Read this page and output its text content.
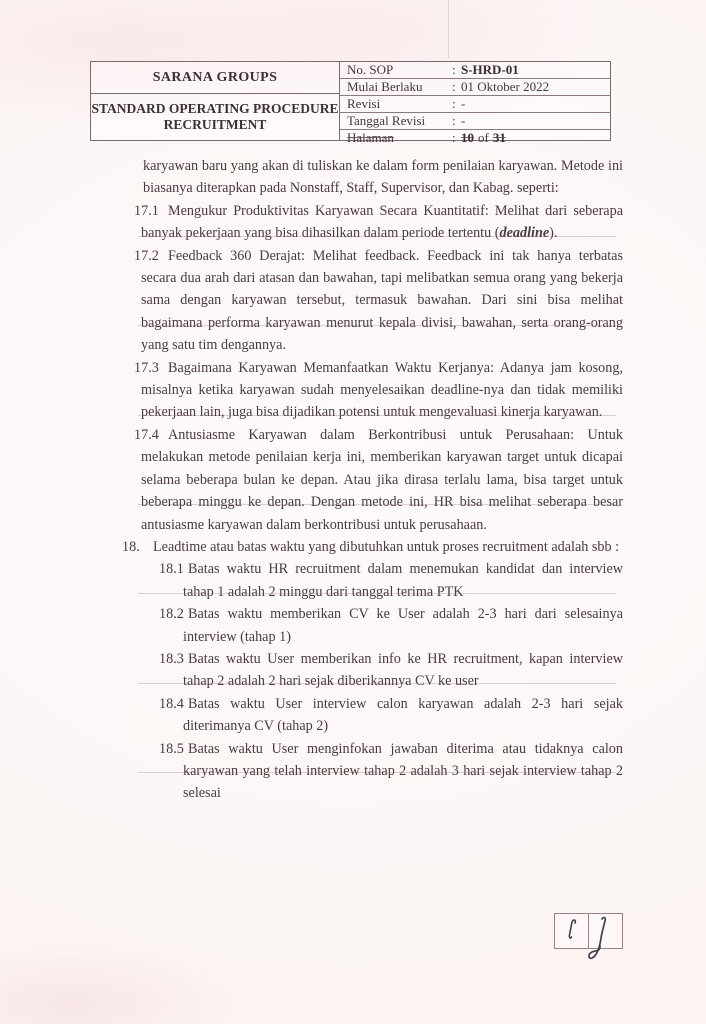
SARANA GROUPS
STANDARD OPERATING PROCEDURE
RECRUITMENT
No. SOP	: S-HRD-01
Mulai Berlaku	: 01 Oktober 2022
Revisi	: -
Tanggal Revisi	: -
Halaman	: 10 of 31

karyawan baru yang akan di tuliskan ke dalam form penilaian karyawan. Metode ini biasanya diterapkan pada Nonstaff, Staff, Supervisor, dan Kabag. seperti:

17.1 Mengukur Produktivitas Karyawan Secara Kuantitatif: Melihat dari seberapa banyak pekerjaan yang bisa dihasilkan dalam periode tertentu (deadline).

17.2 Feedback 360 Derajat: Melihat feedback. Feedback ini tak hanya terbatas secara dua arah dari atasan dan bawahan, tapi melibatkan semua orang yang bekerja sama dengan karyawan tersebut, termasuk bawahan. Dari sini bisa melihat bagaimana performa karyawan menurut kepala divisi, bawahan, serta orang-orang yang satu tim dengannya.

17.3 Bagaimana Karyawan Memanfaatkan Waktu Kerjanya: Adanya jam kosong, misalnya ketika karyawan sudah menyelesaikan deadline-nya dan tidak memiliki pekerjaan lain, juga bisa dijadikan potensi untuk mengevaluasi kinerja karyawan.

17.4 Antusiasme Karyawan dalam Berkontribusi untuk Perusahaan: Untuk melakukan metode penilaian kerja ini, memberikan karyawan target untuk dicapai selama beberapa bulan ke depan. Atau jika dirasa terlalu lama, bisa target untuk beberapa minggu ke depan. Dengan metode ini, HR bisa melihat seberapa besar antusiasme karyawan dalam berkontribusi untuk perusahaan.

18. Leadtime atau batas waktu yang dibutuhkan untuk proses recruitment adalah sbb :

18.1 Batas waktu HR recruitment dalam menemukan kandidat dan interview tahap 1 adalah 2 minggu dari tanggal terima PTK

18.2 Batas waktu memberikan CV ke User adalah 2-3 hari dari selesainya interview (tahap 1)

18.3 Batas waktu User memberikan info ke HR recruitment, kapan interview tahap 2 adalah 2 hari sejak diberikannya CV ke user

18.4 Batas waktu User interview calon karyawan adalah 2-3 hari sejak diterimanya CV (tahap 2)

18.5 Batas waktu User menginfokan jawaban diterima atau tidaknya calon karyawan yang telah interview tahap 2 adalah 3 hari sejak interview tahap 2 selesai
